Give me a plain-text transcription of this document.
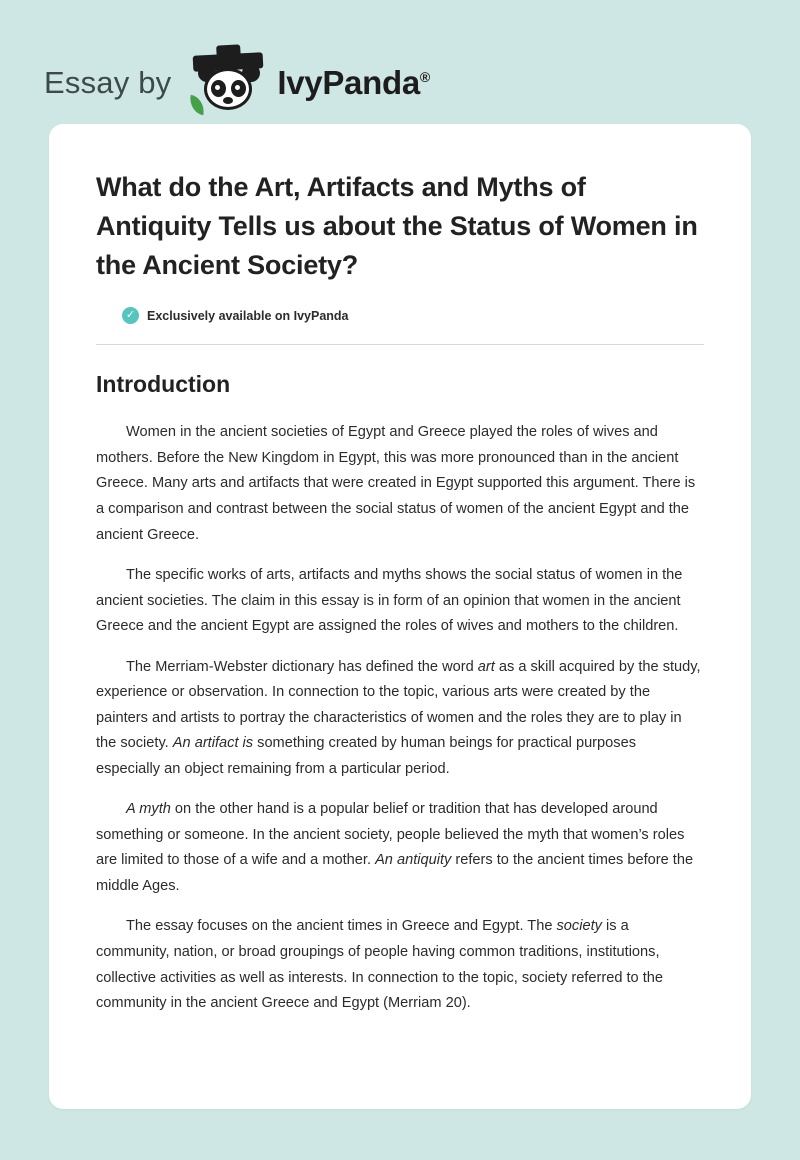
Essay by	IvyPanda®
What do the Art, Artifacts and Myths of Antiquity Tells us about the Status of Women in the Ancient Society?
✓ Exclusively available on IvyPanda
Introduction

Women in the ancient societies of Egypt and Greece played the roles of wives and mothers. Before the New Kingdom in Egypt, this was more pronounced than in the ancient Greece. Many arts and artifacts that were created in Egypt supported this argument. There is a comparison and contrast between the social status of women of the ancient Egypt and the ancient Greece.

The specific works of arts, artifacts and myths shows the social status of women in the ancient societies. The claim in this essay is in form of an opinion that women in the ancient Greece and the ancient Egypt are assigned the roles of wives and mothers to the children.

The Merriam-Webster dictionary has defined the word art as a skill acquired by the study, experience or observation. In connection to the topic, various arts were created by the painters and artists to portray the characteristics of women and the roles they are to play in the society. An artifact is something created by human beings for practical purposes especially an object remaining from a particular period.

A myth on the other hand is a popular belief or tradition that has developed around something or someone. In the ancient society, people believed the myth that women’s roles are limited to those of a wife and a mother. An antiquity refers to the ancient times before the middle Ages.

The essay focuses on the ancient times in Greece and Egypt. The society is a community, nation, or broad groupings of people having common traditions, institutions, collective activities as well as interests. In connection to the topic, society referred to the community in the ancient Greece and Egypt (Merriam 20).
